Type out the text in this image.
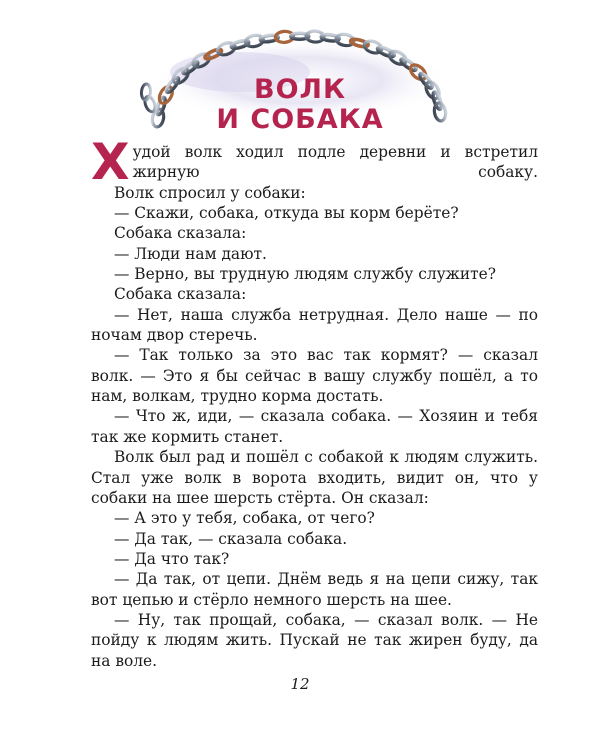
ВОЛК
И СОБАКА

Худой волк ходил подле деревни и встретил жирную собаку.

Волк спросил у собаки:

— Скажи, собака, откуда вы корм берёте?

Собака сказала:

— Люди нам дают.

— Верно, вы трудную людям службу служите?

Собака сказала:

— Нет, наша служба нетрудная. Дело наше — по ночам двор стеречь.

— Так только за это вас так кормят? — сказал волк. — Это я бы сейчас в вашу службу пошёл, а то нам, волкам, трудно корма достать.

— Что ж, иди, — сказала собака. — Хозяин и тебя так же кормить станет.

Волк был рад и пошёл с собакой к людям служить. Стал уже волк в ворота входить, видит он, что у собаки на шее шерсть стёрта. Он сказал:

— А это у тебя, собака, от чего?

— Да так, — сказала собака.

— Да что так?

— Да так, от цепи. Днём ведь я на цепи сижу, так вот цепью и стёрло немного шерсть на шее.

— Ну, так прощай, собака, — сказал волк. — Не пойду к людям жить. Пускай не так жирен буду, да на воле.

12
